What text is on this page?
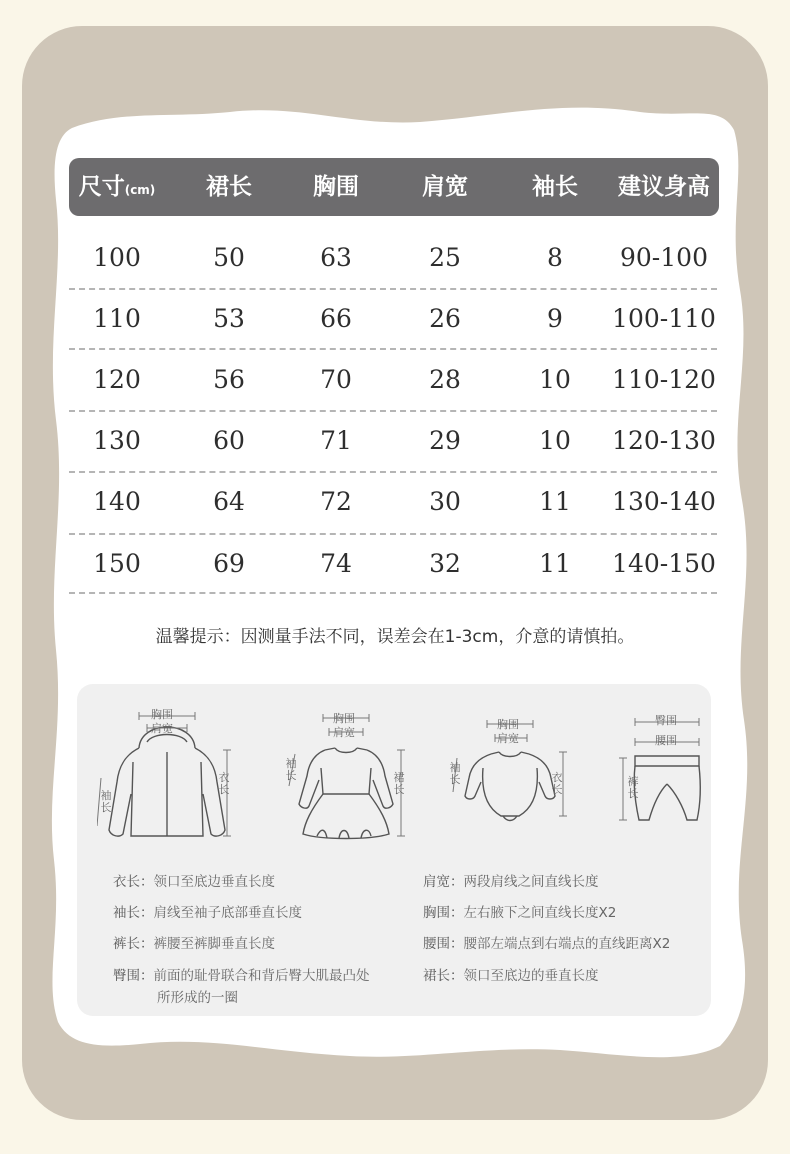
尺寸(cm)	裙长	胸围	肩宽	袖长	建议身高
100	50	63	25	8	90-100
110	53	66	26	9	100-110
120	56	70	28	10	110-120
130	60	71	29	10	120-130
140	64	72	30	11	130-140
150	69	74	32	11	140-150
温馨提示：因测量手法不同，误差会在1-3cm，介意的请慎拍。
胸围
肩宽
衣长
袖长
胸围
肩宽
裙长
袖长
胸围
肩宽
衣长
袖长
臀围
腰围
裤长
衣长：领口至底边垂直长度
袖长：肩线至袖子底部垂直长度
裤长：裤腰至裤脚垂直长度
臀围：前面的耻骨联合和背后臀大肌最凸处
所形成的一圈
肩宽：两段肩线之间直线长度
胸围：左右腋下之间直线长度X2
腰围：腰部左端点到右端点的直线距离X2
裙长：领口至底边的垂直长度
